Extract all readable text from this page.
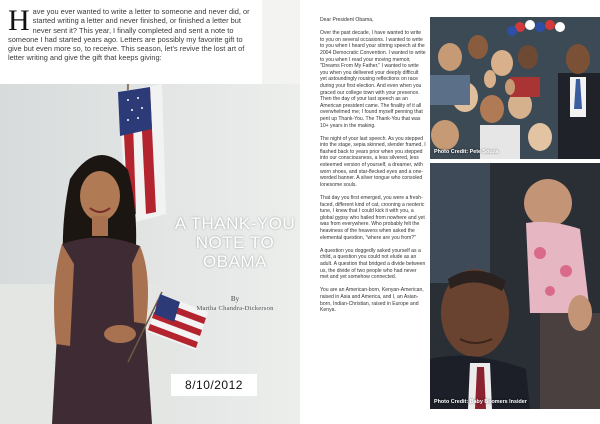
H ave you ever wanted to write a letter to someone and never did, or started writing a letter and never finished, or finished a letter but never sent it? This year, I finally completed and sent a note to someone I had started years ago. Letters are possibly my favorite gift to give but even more so, to receive. This season, let's revive the lost art of letter writing and give the gift that keeps giving:
A THANK-YOU
NOTE TO
OBAMA
By
Martha Chandra-Dickerson
8/10/2012

Dear President Obama,

Over the past decade, I have wanted to write to you on several occasions. I wanted to write to you when I heard your stirring speech at the 2004 Democratic Convention. I wanted to write to you when I read your moving memoir, "Dreams From My Father." I wanted to write you when you delivered your deeply difficult yet astoundingly rousing reflections on race during your first election. And even when you graced our college town with your presence. Then the day of your last speech as an American president came. The finality of it all overwhelmed me; I found myself penning that pent up Thank-You. The Thank-You that was 10+ years in the making.

The night of your last speech. As you stepped into the stage, sepia skinned, slender framed, I flashed back to years prior when you stepped into our consciousness, a less silvered, less esteemed version of yourself, a dreamer, with worn shoes, and star-flecked eyes and a one-worded banner. A silver tongue who consoled lonesome souls.

That day you first emerged, you were a fresh-faced, different kind of cat, crooning a neoteric tune, I knew that I could kick it with you, a global gypsy who hailed from nowhere and yet was from everywhere. Who probably felt the heaviness of the heavens when asked the elemental question, "where are you from?"

A question you doggedly asked yourself as a child, a question you could not elude as an adult. A question that bridged a divide between us, the divide of two people who had never met and yet somehow connected.

You are an American-born, Kenyan-American, raised in Asia and America, and I, an Asian-born, Indian-Christian, raised in Europe and Kenya.

Photo Credit: Pete Souza
Photo Credit: Baby Boomers Insider
